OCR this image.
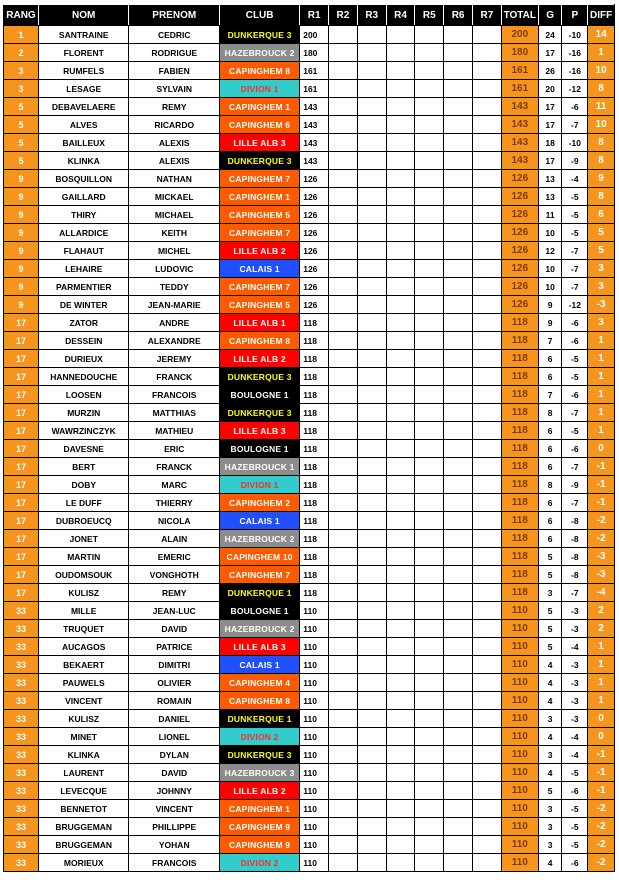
RANG	NOM	PRENOM	CLUB	R1	R2	R3	R4	R5	R6	R7	TOTAL	G	P	DIFF
1	SANTRAINE	CEDRIC	DUNKERQUE 3	200							200	24	-10	14
2	FLORENT	RODRIGUE	HAZEBROUCK 2	180							180	17	-16	1
3	RUMFELS	FABIEN	CAPINGHEM 8	161							161	26	-16	10
3	LESAGE	SYLVAIN	DIVION 1	161							161	20	-12	8
5	DEBAVELAERE	REMY	CAPINGHEM 1	143							143	17	-6	11
5	ALVES	RICARDO	CAPINGHEM 6	143							143	17	-7	10
5	BAILLEUX	ALEXIS	LILLE ALB 3	143							143	18	-10	8
5	KLINKA	ALEXIS	DUNKERQUE 3	143							143	17	-9	8
9	BOSQUILLON	NATHAN	CAPINGHEM 7	126							126	13	-4	9
9	GAILLARD	MICKAEL	CAPINGHEM 1	126							126	13	-5	8
9	THIRY	MICHAEL	CAPINGHEM 5	126							126	11	-5	6
9	ALLARDICE	KEITH	CAPINGHEM 7	126							126	10	-5	5
9	FLAHAUT	MICHEL	LILLE ALB 2	126							126	12	-7	5
9	LEHAIRE	LUDOVIC	CALAIS 1	126							126	10	-7	3
9	PARMENTIER	TEDDY	CAPINGHEM 7	126							126	10	-7	3
9	DE WINTER	JEAN-MARIE	CAPINGHEM 5	126							126	9	-12	-3
17	ZATOR	ANDRE	LILLE ALB 1	118							118	9	-6	3
17	DESSEIN	ALEXANDRE	CAPINGHEM 8	118							118	7	-6	1
17	DURIEUX	JEREMY	LILLE ALB 2	118							118	6	-5	1
17	HANNEDOUCHE	FRANCK	DUNKERQUE 3	118							118	6	-5	1
17	LOOSEN	FRANCOIS	BOULOGNE 1	118							118	7	-6	1
17	MURZIN	MATTHIAS	DUNKERQUE 3	118							118	8	-7	1
17	WAWRZINCZYK	MATHIEU	LILLE ALB 3	118							118	6	-5	1
17	DAVESNE	ERIC	BOULOGNE 1	118							118	6	-6	0
17	BERT	FRANCK	HAZEBROUCK 1	118							118	6	-7	-1
17	DOBY	MARC	DIVION 1	118							118	8	-9	-1
17	LE DUFF	THIERRY	CAPINGHEM 2	118							118	6	-7	-1
17	DUBROEUCQ	NICOLA	CALAIS 1	118							118	6	-8	-2
17	JONET	ALAIN	HAZEBROUCK 2	118							118	6	-8	-2
17	MARTIN	EMERIC	CAPINGHEM 10	118							118	5	-8	-3
17	OUDOMSOUK	VONGHOTH	CAPINGHEM 7	118							118	5	-8	-3
17	KULISZ	REMY	DUNKERQUE 1	118							118	3	-7	-4
33	MILLE	JEAN-LUC	BOULOGNE 1	110							110	5	-3	2
33	TRUQUET	DAVID	HAZEBROUCK 2	110							110	5	-3	2
33	AUCAGOS	PATRICE	LILLE ALB 3	110							110	5	-4	1
33	BEKAERT	DIMITRI	CALAIS 1	110							110	4	-3	1
33	PAUWELS	OLIVIER	CAPINGHEM 4	110							110	4	-3	1
33	VINCENT	ROMAIN	CAPINGHEM 8	110							110	4	-3	1
33	KULISZ	DANIEL	DUNKERQUE 1	110							110	3	-3	0
33	MINET	LIONEL	DIVION 2	110							110	4	-4	0
33	KLINKA	DYLAN	DUNKERQUE 3	110							110	3	-4	-1
33	LAURENT	DAVID	HAZEBROUCK 3	110							110	4	-5	-1
33	LEVECQUE	JOHNNY	LILLE ALB 2	110							110	5	-6	-1
33	BENNETOT	VINCENT	CAPINGHEM 1	110							110	3	-5	-2
33	BRUGGEMAN	PHILLIPPE	CAPINGHEM 9	110							110	3	-5	-2
33	BRUGGEMAN	YOHAN	CAPINGHEM 9	110							110	3	-5	-2
33	MORIEUX	FRANCOIS	DIVION 2	110							110	4	-6	-2
